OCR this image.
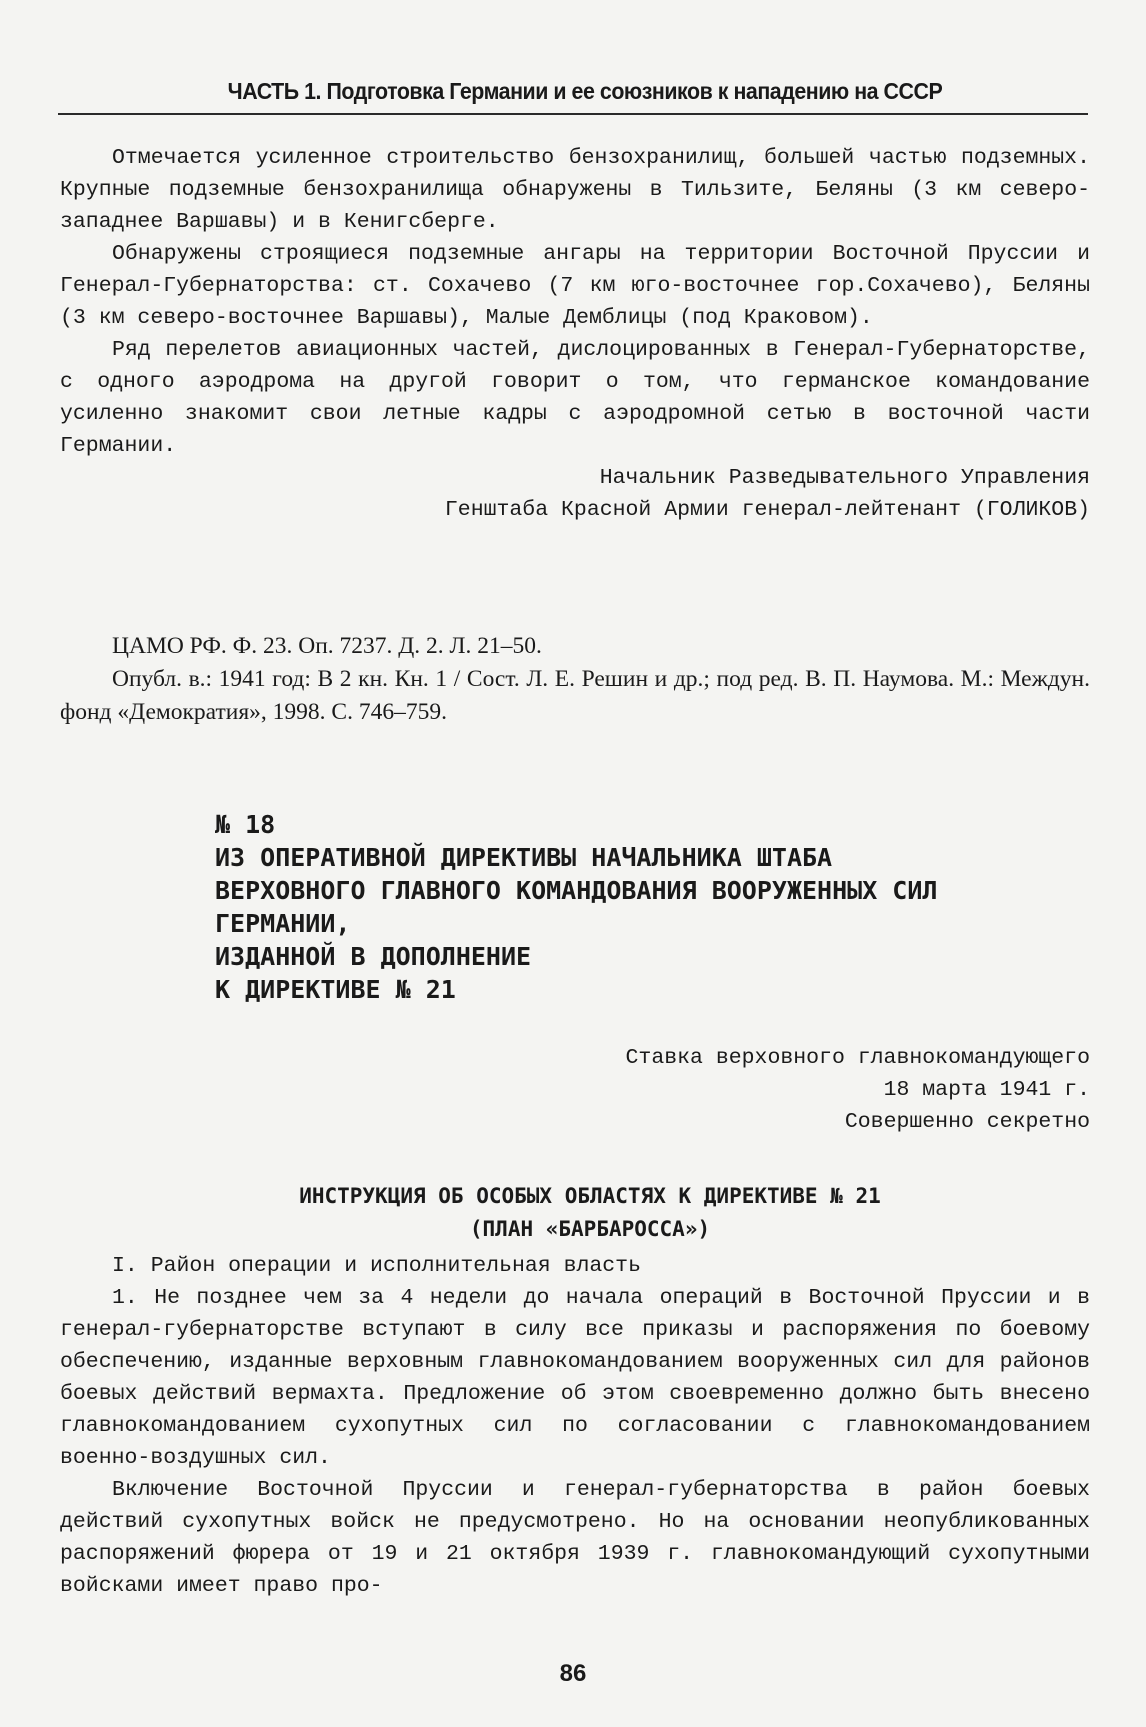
ЧАСТЬ 1. Подготовка Германии и ее союзников к нападению на СССР

Отмечается усиленное строительство бензохранилищ, большей частью подземных. Крупные подземные бензохранилища обнаружены в Тильзите, Беляны (3 км северо-западнее Варшавы) и в Кенигсберге.

Обнаружены строящиеся подземные ангары на территории Восточной Пруссии и Генерал-Губернаторства: ст. Сохачево (7 км юго-восточнее гор.Сохачево), Беляны (3 км северо-восточнее Варшавы), Малые Демблицы (под Краковом).

Ряд перелетов авиационных частей, дислоцированных в Генерал-Губернаторстве, с одного аэродрома на другой говорит о том, что германское командование усиленно знакомит свои летные кадры с аэродромной сетью в восточной части Германии.

Начальник Разведывательного Управления

Генштаба Красной Армии генерал-лейтенант (ГОЛИКОВ)

ЦАМО РФ. Ф. 23. Оп. 7237. Д. 2. Л. 21–50.

Опубл. в.: 1941 год: В 2 кн. Кн. 1 / Сост. Л. Е. Решин и др.; под ред. В. П. Наумова. М.: Междун. фонд «Демократия», 1998. С. 746–759.

№ 18
ИЗ ОПЕРАТИВНОЙ ДИРЕКТИВЫ НАЧАЛЬНИКА ШТАБА
ВЕРХОВНОГО ГЛАВНОГО КОМАНДОВАНИЯ ВООРУЖЕННЫХ СИЛ
ГЕРМАНИИ,
ИЗДАННОЙ В ДОПОЛНЕНИЕ
К ДИРЕКТИВЕ № 21

Ставка верховного главнокомандующего

18 марта 1941 г.

Совершенно секретно

ИНСТРУКЦИЯ ОБ ОСОБЫХ ОБЛАСТЯХ К ДИРЕКТИВЕ № 21
(ПЛАН «БАРБАРОССА»)

I. Район операции и исполнительная власть

1. Не позднее чем за 4 недели до начала операций в Восточной Пруссии и в генерал-губернаторстве вступают в силу все приказы и распоряжения по боевому обеспечению, изданные верховным главнокомандованием вооруженных сил для районов боевых действий вермахта. Предложение об этом своевременно должно быть внесено главнокомандованием сухопутных сил по согласовании с главнокомандованием военно-воздушных сил.

Включение Восточной Пруссии и генерал-губернаторства в район боевых действий сухопутных войск не предусмотрено. Но на основании неопубликованных распоряжений фюрера от 19 и 21 октября 1939 г. главнокомандующий сухопутными войсками имеет право про-

86
